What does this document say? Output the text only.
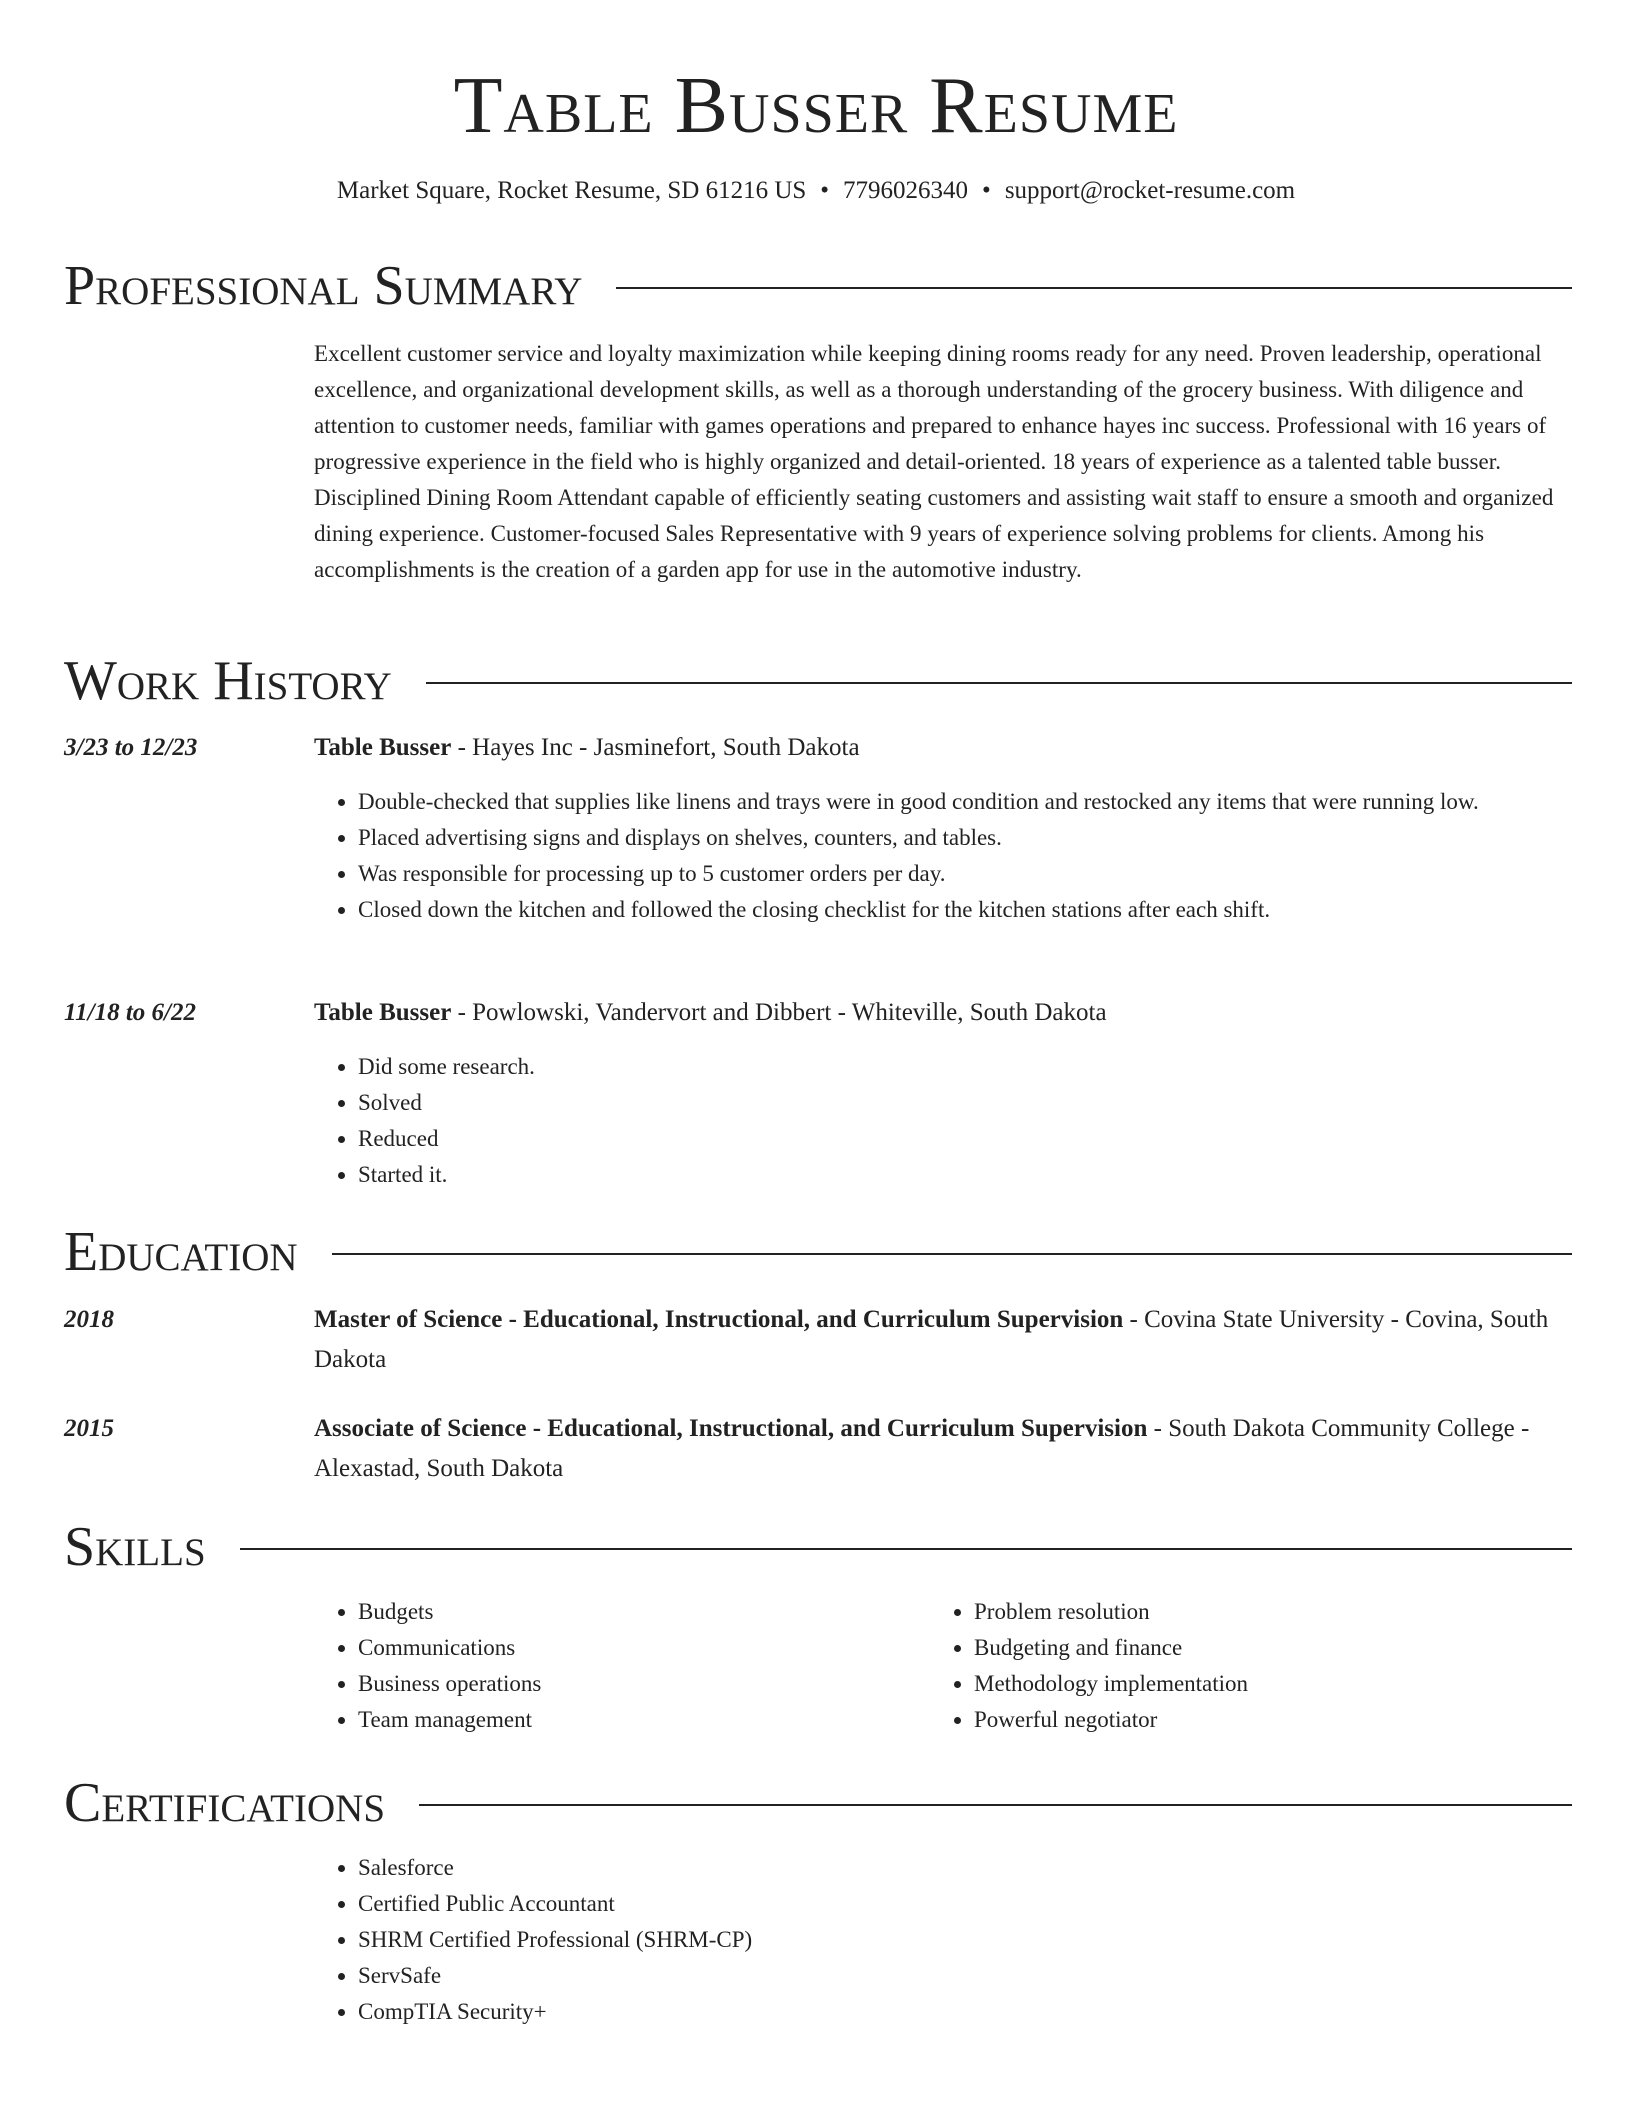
Table Busser Resume
Market Square, Rocket Resume, SD 61216 US • 7796026340 • support@rocket-resume.com
Professional Summary

Excellent customer service and loyalty maximization while keeping dining rooms ready for any need. Proven leadership, operational excellence, and organizational development skills, as well as a thorough understanding of the grocery business. With diligence and attention to customer needs, familiar with games operations and prepared to enhance hayes inc success. Professional with 16 years of progressive experience in the field who is highly organized and detail-oriented. 18 years of experience as a talented table busser. Disciplined Dining Room Attendant capable of efficiently seating customers and assisting wait staff to ensure a smooth and organized dining experience. Customer-focused Sales Representative with 9 years of experience solving problems for clients. Among his accomplishments is the creation of a garden app for use in the automotive industry.

Work History
3/23 to 12/23	Table Busser - Hayes Inc - Jasminefort, South Dakota
• Double-checked that supplies like linens and trays were in good condition and restocked any items that were running low.
• Placed advertising signs and displays on shelves, counters, and tables.
• Was responsible for processing up to 5 customer orders per day.
• Closed down the kitchen and followed the closing checklist for the kitchen stations after each shift.
11/18 to 6/22	Table Busser - Powlowski, Vandervort and Dibbert - Whiteville, South Dakota
• Did some research.
• Solved
• Reduced
• Started it.
Education
2018	Master of Science - Educational, Instructional, and Curriculum Supervision - Covina State University - Covina, South Dakota
2015	Associate of Science - Educational, Instructional, and Curriculum Supervision - South Dakota Community College - Alexastad, South Dakota
Skills
• Budgets
• Communications
• Business operations
• Team management
• Problem resolution
• Budgeting and finance
• Methodology implementation
• Powerful negotiator
Certifications
• Salesforce
• Certified Public Accountant
• SHRM Certified Professional (SHRM-CP)
• ServSafe
• CompTIA Security+
